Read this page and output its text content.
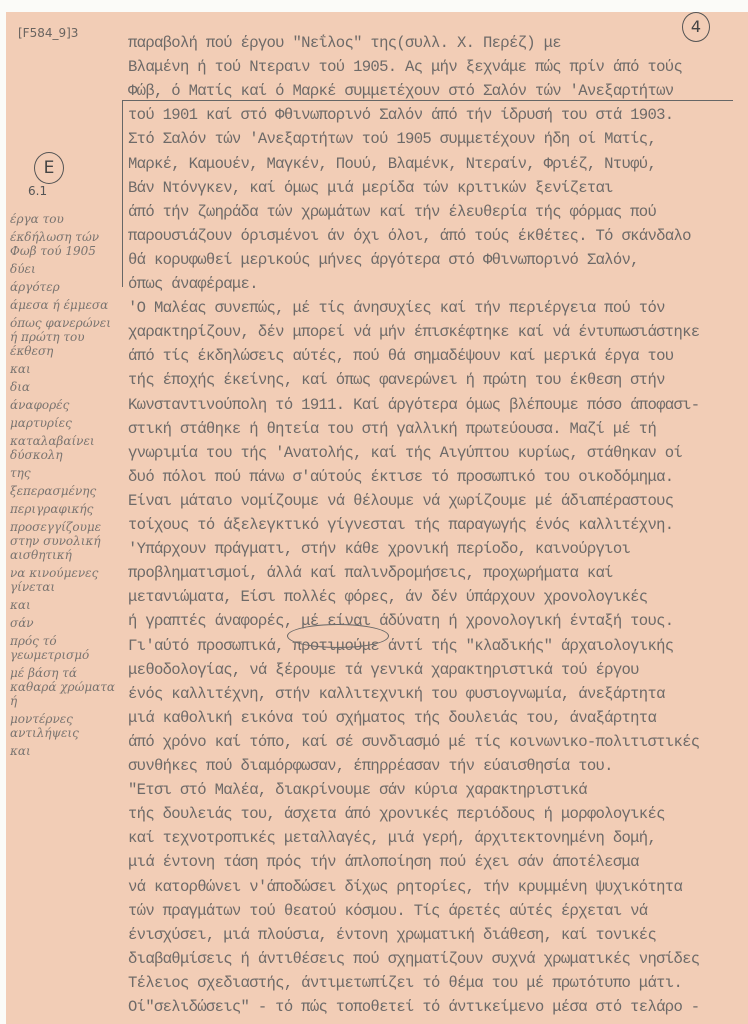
[F584_9]3	4
E
6.1
παραβολή πού έργου "Νεΐλος" της(συλλ. Χ. Περέζ) με
Βλαμένη ή τού Ντεραιν τού 1905. Ας μήν ξεχνάμε πώς πρίν άπό τούς
Φώβ, ό Ματίς καί ό Μαρκέ συμμετέχουν στό Σαλόν τών 'Ανεξαρτήτων
τού 1901 καί στό Φθινωπορινό Σαλόν άπό τήν ίδρυσή του στά 1903.
Στό Σαλόν τών 'Ανεξαρτήτων τού 1905 συμμετέχουν ήδη οί Ματίς,
Μαρκέ, Καμουέν, Μαγκέν, Πουύ, Βλαμένκ, Ντεραίν, Φριέζ, Ντυφύ,
Βάν Ντόνγκεν, καί όμως μιά μερίδα τών κριτικών ξενίζεται
άπό τήν ζωηράδα τών χρωμάτων καί τήν έλευθερία τής φόρμας πού
παρουσιάζουν όρισμένοι άν όχι όλοι, άπό τούς έκθέτες. Τό σκάνδαλο
θά κορυφωθεί μερικούς μήνες άργότερα στό Φθινωπορινό Σαλόν,
όπως άναφέραμε.
'Ο Μαλέας συνεπώς, μέ τίς άνησυχίες καί τήν περιέργεια πού τόν
χαρακτηρίζουν, δέν μπορεί νά μήν έπισκέφτηκε καί νά έντυπωσιάστηκε
άπό τίς έκδηλώσεις αύτές, πού θά σημαδέψουν καί μερικά έργα του
τής έποχής έκείνης, καί όπως φανερώνει ή πρώτη του έκθεση στήν
Κωνσταντινούπολη τό 1911. Καί άργότερα όμως βλέπουμε πόσο άποφασι-
στική στάθηκε ή θητεία του στή γαλλική πρωτεύουσα. Μαζί μέ τή
γνωριμία του τής 'Ανατολής, καί τής Αιγύπτου κυρίως, στάθηκαν οί
δυό πόλοι πού πάνω σ'αύτούς έκτισε τό προσωπικό του οικοδόμημα.
Είναι μάταιο νομίζουμε νά θέλουμε νά χωρίζουμε μέ άδιαπέραστους
τοίχους τό άξελεγκτικό γίγνεσται τής παραγωγής ένός καλλιτέχνη.
'Υπάρχουν πράγματι, στήν κάθε χρονική περίοδο, καινούργιοι
προβληματισμοί, άλλά καί παλινδρομήσεις, προχωρήματα καί
μετανιώματα, Είσι πολλές φόρες, άν δέν ύπάρχουν χρονολογικές
ή γραπτές άναφορές, μέ είναι άδύνατη ή χρονολογική ένταξή τους.
Γι'αύτό προσωπικά, προτιμούμε άντί τής "κλαδικής" άρχαιολογικής
μεθοδολογίας, νά ξέρουμε τά γενικά χαρακτηριστικά τού έργου
ένός καλλιτέχνη, στήν καλλιτεχνική του φυσιογνωμία, άνεξάρτητα
μιά καθολική εικόνα τού σχήματος τής δουλειάς του, άναξάρτητα
άπό χρόνο καί τόπο, καί σέ συνδιασμό μέ τίς κοινωνικο-πολιτιστικές
συνθήκες πού διαμόρφωσαν, έπηρρέασαν τήν εύαισθησία του.
"Ετσι στό Μαλέα, διακρίνουμε σάν κύρια χαρακτηριστικά
τής δουλειάς του, άσχετα άπό χρονικές περιόδους ή μορφολογικές
καί τεχνοτροπικές μεταλλαγές, μιά γερή, άρχιτεκτονημένη δομή,
μιά έντονη τάση πρός τήν άπλοποίηση πού έχει σάν άποτέλεσμα
νά κατορθώνει ν'άποδώσει δίχως ρητορίες, τήν κρυμμένη ψυχικότητα
τών πραγμάτων τού θεατού κόσμου. Τίς άρετές αύτές έρχεται νά
ένισχύσει, μιά πλούσια, έντονη χρωματική διάθεση, καί τονικές
διαβαθμίσεις ή άντιθέσεις πού σχηματίζουν συχνά χρωματικές νησίδες
Τέλειος σχεδιαστής, άντιμετωπίζει τό θέμα του μέ πρωτότυπο μάτι.
Οί"σελιδώσεις" - τό πώς τοποθετεί τό άντικείμενο μέσα στό τελάρο -
έργα του
έκδήλωση τών Φωβ τού 1905
δύει
άργότερ
άμεσα ή έμμεσα
όπως φανερώνει ή πρώτη του έκθεση
και
δια
άναφορές
μαρτυρίες
καταλαβαίνει δύσκολη
της
ξεπερασμένης
περιγραφικής
προσεγγίζουμε στην συνολική αισθητική
να κινούμενες γίνεται
και
σάν
πρός τό γεωμετρισμό
μέ βάση τά καθαρά χρώματα ή
μοντέρνες αντιλήψεις
και
